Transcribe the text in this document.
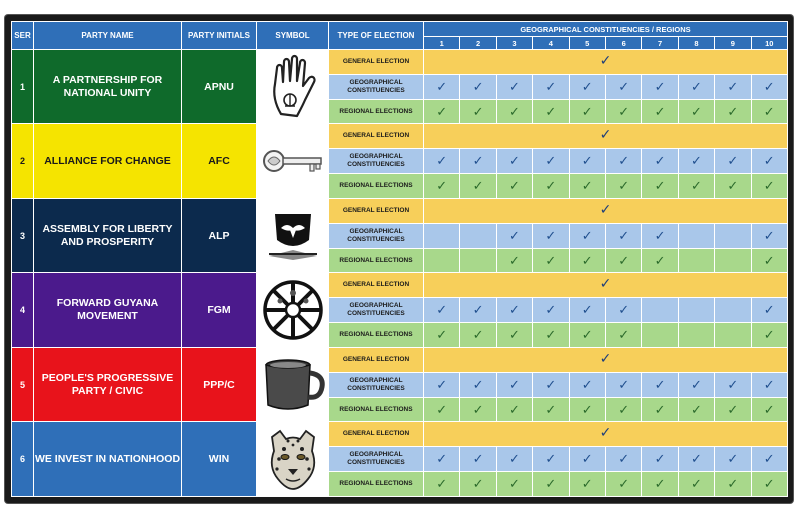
SER	PARTY NAME	PARTY INITIALS	SYMBOL	TYPE OF ELECTION	GEOGRAPHICAL CONSTITUENCIES / REGIONS									
					1	2	3	4	5	6	7	8	9	10
1	A PARTNERSHIP FOR NATIONAL UNITY	APNU		GENERAL ELECTION	✓									

				GEOGRAPHICAL CONSTITUENCIES	✓	✓	✓	✓	✓	✓	✓	✓	✓	✓
				REGIONAL ELECTIONS	✓	✓	✓	✓	✓	✓	✓	✓	✓	✓
2	ALLIANCE FOR CHANGE	AFC		GENERAL ELECTION	✓									

				GEOGRAPHICAL CONSTITUENCIES	✓	✓	✓	✓	✓	✓	✓	✓	✓	✓
				REGIONAL ELECTIONS	✓	✓	✓	✓	✓	✓	✓	✓	✓	✓
3	ASSEMBLY FOR LIBERTY AND PROSPERITY	ALP		GENERAL ELECTION	✓									

				GEOGRAPHICAL CONSTITUENCIES			✓	✓	✓	✓	✓			✓
				REGIONAL ELECTIONS			✓	✓	✓	✓	✓			✓
4	FORWARD GUYANA MOVEMENT	FGM		GENERAL ELECTION	✓									

				GEOGRAPHICAL CONSTITUENCIES	✓	✓	✓	✓	✓	✓				✓
				REGIONAL ELECTIONS	✓	✓	✓	✓	✓	✓				✓
5	PEOPLE'S PROGRESSIVE PARTY / CIVIC	PPP/C		GENERAL ELECTION	✓									

				GEOGRAPHICAL CONSTITUENCIES	✓	✓	✓	✓	✓	✓	✓	✓	✓	✓
				REGIONAL ELECTIONS	✓	✓	✓	✓	✓	✓	✓	✓	✓	✓
6	WE INVEST IN NATIONHOOD	WIN		GENERAL ELECTION	✓									

				GEOGRAPHICAL CONSTITUENCIES	✓	✓	✓	✓	✓	✓	✓	✓	✓	✓
				REGIONAL ELECTIONS	✓	✓	✓	✓	✓	✓	✓	✓	✓	✓
